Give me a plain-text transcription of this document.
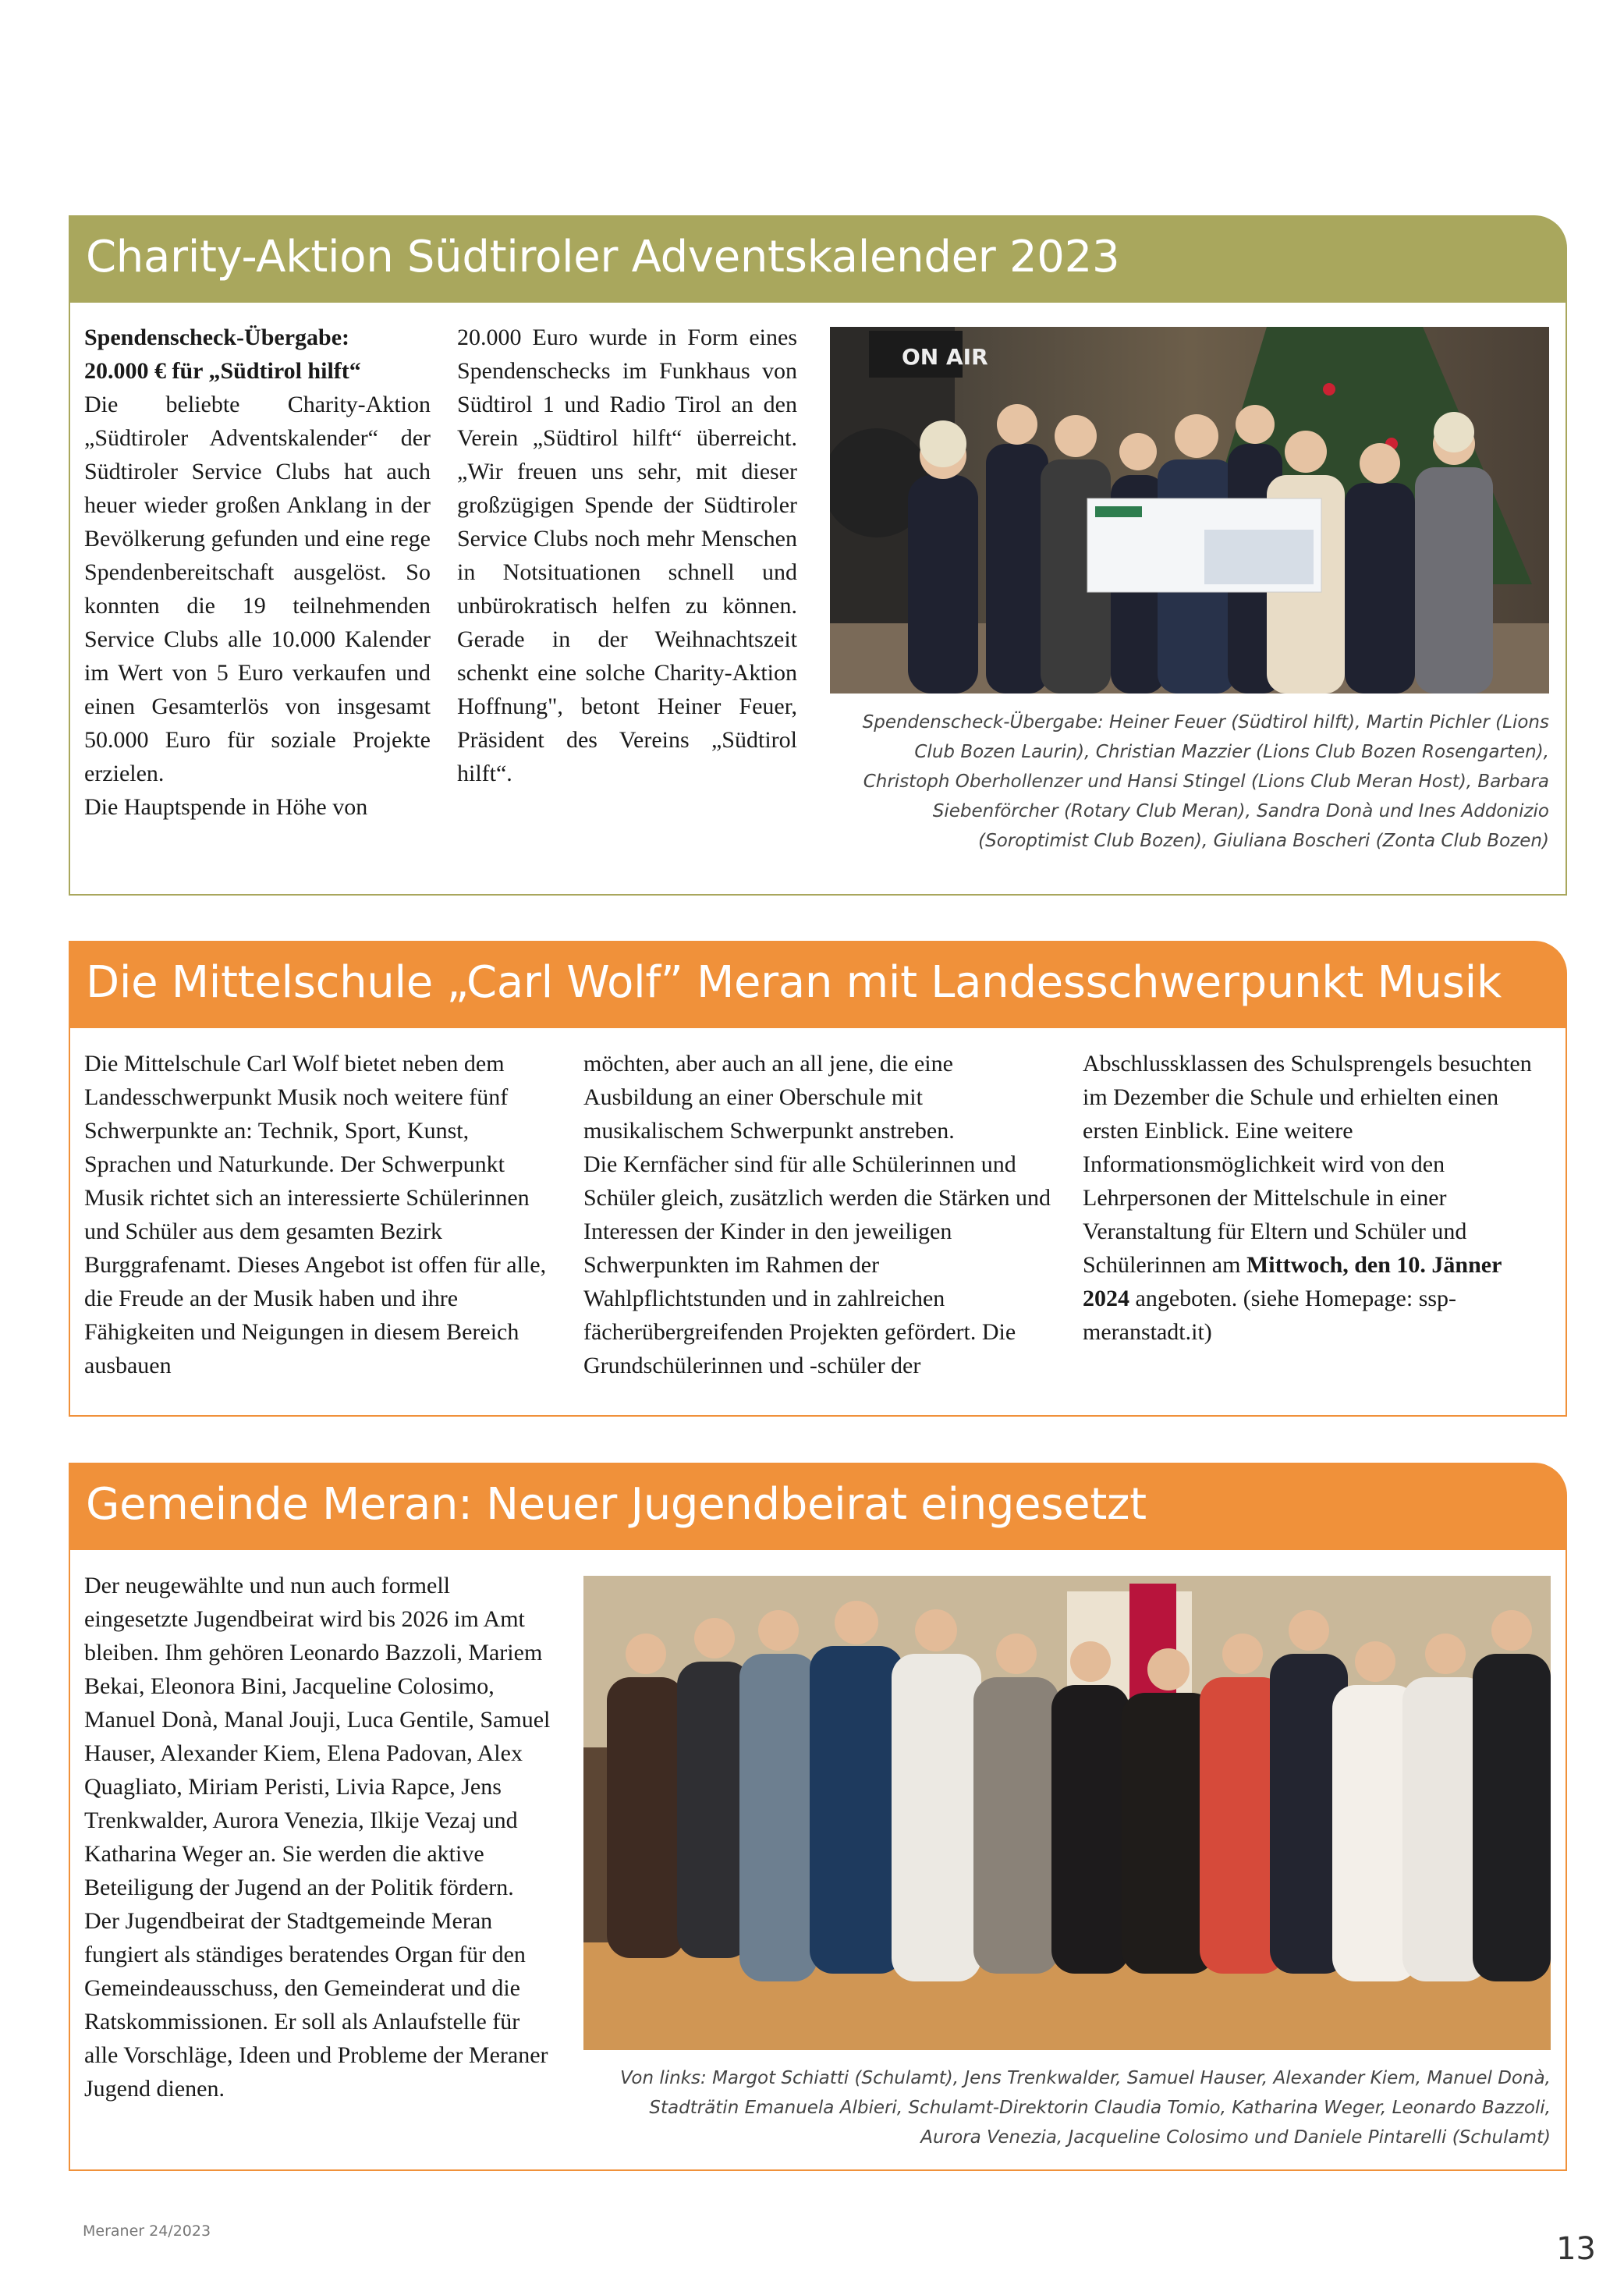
Charity-Aktion Südtiroler Adventskalender 2023

Spendenscheck-Übergabe:

20.000 € für „Südtirol hilft“

Die beliebte Charity-Aktion „Südtiroler Adventskalender“ der Südtiroler Service Clubs hat auch heuer wieder großen Anklang in der Bevölkerung gefunden und eine rege Spendenbereitschaft ausgelöst. So konnten die 19 teilnehmenden Service Clubs alle 10.000 Kalender im Wert von 5 Euro verkaufen und einen Gesamterlös von insgesamt 50.000 Euro für soziale Projekte erzielen.

Die Hauptspende in Höhe von

20.000 Euro wurde in Form eines Spendenschecks im Funkhaus von Südtirol 1 und Radio Tirol an den Verein „Südtirol hilft“ überreicht. „Wir freuen uns sehr, mit dieser großzügigen Spende der Südtiroler Service Clubs noch mehr Menschen in Notsituationen schnell und unbürokratisch helfen zu können. Gerade in der Weihnachtszeit schenkt eine solche Charity-Aktion Hoffnung", betont Heiner Feuer, Präsident des Vereins „Südtirol hilft“.

ON AIR
Spendenscheck-Übergabe: Heiner Feuer (Südtirol hilft), Martin Pichler (Lions Club Bozen Laurin), Christian Mazzier (Lions Club Bozen Rosengarten), Christoph Oberhollenzer und Hansi Stingel (Lions Club Meran Host), Barbara Siebenförcher (Rotary Club Meran), Sandra Donà und Ines Addonizio (Soroptimist Club Bozen), Giuliana Boscheri (Zonta Club Bozen)
Die Mittelschule „Carl Wolf” Meran mit Landesschwerpunkt Musik

Die Mittelschule Carl Wolf bietet neben dem Landesschwerpunkt Musik noch weitere fünf Schwerpunkte an: Technik, Sport, Kunst, Sprachen und Naturkunde. Der Schwerpunkt Musik richtet sich an interessierte Schülerinnen und Schüler aus dem gesamten Bezirk Burggrafenamt. Dieses Angebot ist offen für alle, die Freude an der Musik haben und ihre Fähigkeiten und Neigungen in diesem Bereich ausbauen

möchten, aber auch an all jene, die eine Ausbildung an einer Oberschule mit musikalischem Schwerpunkt anstreben.

Die Kernfächer sind für alle Schülerinnen und Schüler gleich, zusätzlich werden die Stärken und Interessen der Kinder in den jeweiligen Schwerpunkten im Rahmen der Wahlpflichtstunden und in zahlreichen fächerübergreifenden Projekten gefördert. Die Grundschülerinnen und -schüler der

Abschlussklassen des Schulsprengels besuchten im Dezember die Schule und erhielten einen ersten Einblick. Eine weitere Informationsmöglichkeit wird von den Lehrpersonen der Mittelschule in einer Veranstaltung für Eltern und Schüler und Schülerinnen am Mittwoch, den 10. Jänner 2024 angeboten. (siehe Homepage: ssp-meranstadt.it)

Gemeinde Meran: Neuer Jugendbeirat eingesetzt

Der neugewählte und nun auch formell eingesetzte Jugendbeirat wird bis 2026 im Amt bleiben. Ihm gehören Leonardo Bazzoli, Mariem Bekai, Eleonora Bini, Jacqueline Colosimo, Manuel Donà, Manal Jouji, Luca Gentile, Samuel Hauser, Alexander Kiem, Elena Padovan, Alex Quagliato, Miriam Peristi, Livia Rapce, Jens Trenkwalder, Aurora Venezia, Ilkije Vezaj und Katharina Weger an. Sie werden die aktive Beteiligung der Jugend an der Politik fördern.

Der Jugendbeirat der Stadtgemeinde Meran fungiert als ständiges beratendes Organ für den Gemeindeausschuss, den Gemeinderat und die Ratskommissionen. Er soll als Anlaufstelle für alle Vorschläge, Ideen und Probleme der Meraner Jugend dienen.	Von links: Margot Schiatti (Schulamt), Jens Trenkwalder, Samuel Hauser, Alexander Kiem, Manuel Donà, Stadträtin Emanuela Albieri, Schulamt-Direktorin Claudia Tomio, Katharina Weger, Leonardo Bazzoli, Aurora Venezia, Jacqueline Colosimo und Daniele Pintarelli (Schulamt)
Meraner 24/2023	13
